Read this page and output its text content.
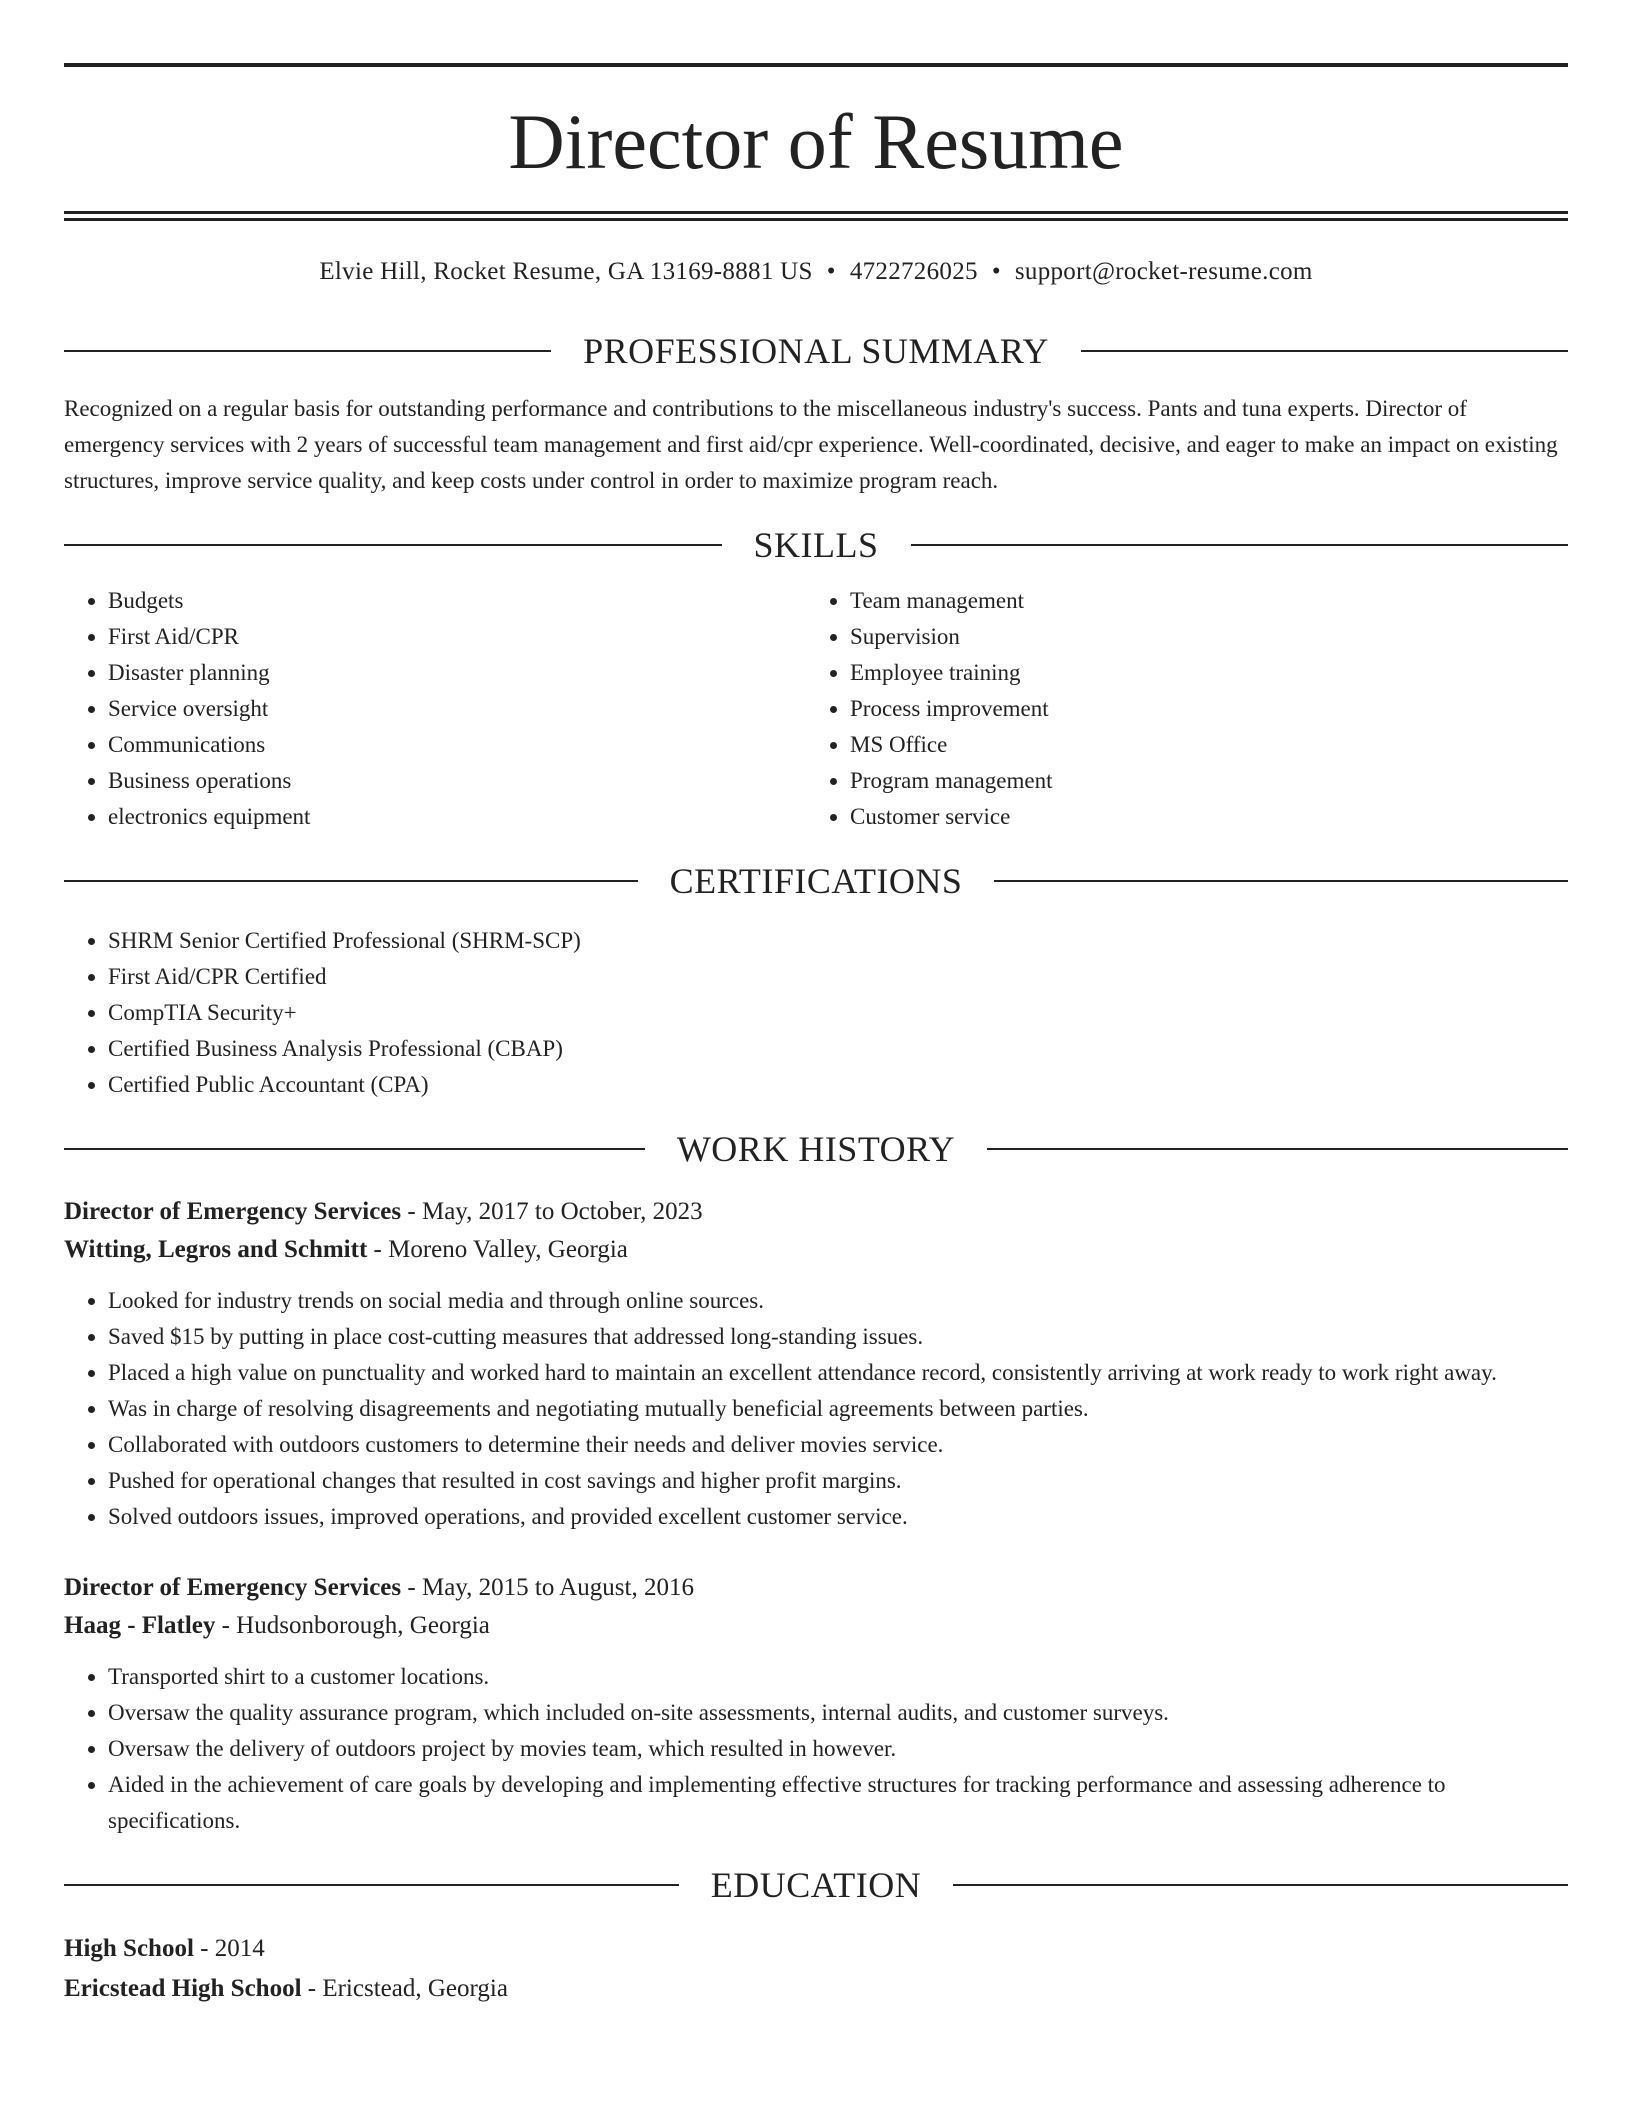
Director of Resume
Elvie Hill, Rocket Resume, GA 13169-8881 US • 4722726025 • support@rocket-resume.com
PROFESSIONAL SUMMARY

Recognized on a regular basis for outstanding performance and contributions to the miscellaneous industry's success. Pants and tuna experts. Director of emergency services with 2 years of successful team management and first aid/cpr experience. Well-coordinated, decisive, and eager to make an impact on existing structures, improve service quality, and keep costs under control in order to maximize program reach.

SKILLS
• Budgets
• First Aid/CPR
• Disaster planning
• Service oversight
• Communications
• Business operations
• electronics equipment
• Team management
• Supervision
• Employee training
• Process improvement
• MS Office
• Program management
• Customer service
CERTIFICATIONS
• SHRM Senior Certified Professional (SHRM-SCP)
• First Aid/CPR Certified
• CompTIA Security+
• Certified Business Analysis Professional (CBAP)
• Certified Public Accountant (CPA)
WORK HISTORY
Director of Emergency Services - May, 2017 to October, 2023
Witting, Legros and Schmitt - Moreno Valley, Georgia
• Looked for industry trends on social media and through online sources.
• Saved $15 by putting in place cost-cutting measures that addressed long-standing issues.
• Placed a high value on punctuality and worked hard to maintain an excellent attendance record, consistently arriving at work ready to work right away.
• Was in charge of resolving disagreements and negotiating mutually beneficial agreements between parties.
• Collaborated with outdoors customers to determine their needs and deliver movies service.
• Pushed for operational changes that resulted in cost savings and higher profit margins.
• Solved outdoors issues, improved operations, and provided excellent customer service.
Director of Emergency Services - May, 2015 to August, 2016
Haag - Flatley - Hudsonborough, Georgia
• Transported shirt to a customer locations.
• Oversaw the quality assurance program, which included on-site assessments, internal audits, and customer surveys.
• Oversaw the delivery of outdoors project by movies team, which resulted in however.
• Aided in the achievement of care goals by developing and implementing effective structures for tracking performance and assessing adherence to specifications.
EDUCATION
High School - 2014
Ericstead High School - Ericstead, Georgia
